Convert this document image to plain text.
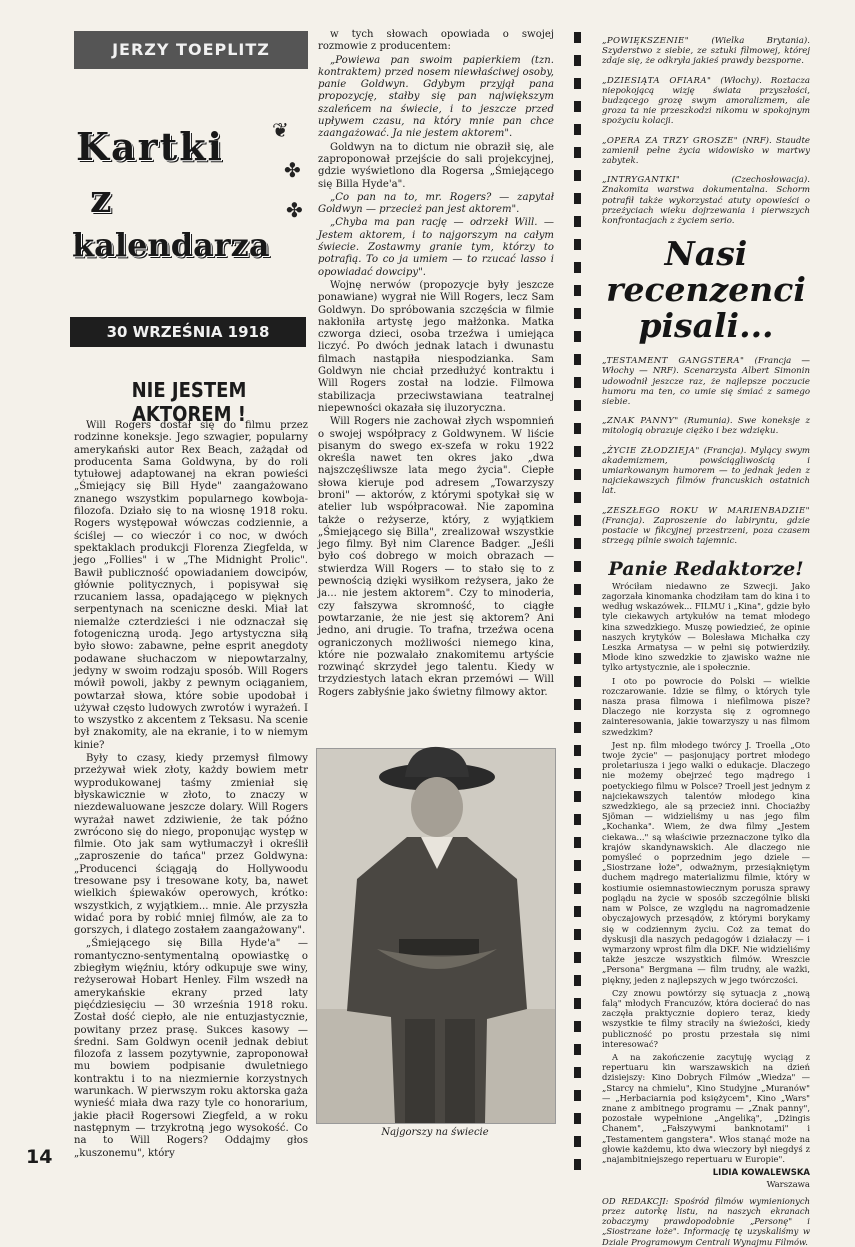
JERZY TOEPLITZ
❦
✤
✤
Kartki
z
kalendarza
30 WRZEŚNIA 1918
NIE JESTEM AKTOREM !

Will Rogers dostał się do filmu przez rodzinne koneksje. Jego szwagier, popularny amerykański autor Rex Beach, zażądał od producenta Sama Goldwyna, by do roli tytułowej adaptowanej na ekran powieści „Śmiejący się Bill Hyde" zaangażowano znanego wszystkim popularnego kowboja-filozofa. Działo się to na wiosnę 1918 roku. Rogers występował wówczas codziennie, a ściślej — co wieczór i co noc, w dwóch spektaklach produkcji Florenza Ziegfelda, w jego „Follies" i w „The Midnight Prolic". Bawił publiczność opowiadaniem dowcipów, głównie politycznych, i popisywał się rzucaniem lassa, opadającego w pięknych serpentynach na sceniczne deski. Miał lat niemalże czterdzieści i nie odznaczał się fotogeniczną urodą. Jego artystyczna siłą było słowo: zabawne, pełne esprit anegdoty podawane słuchaczom w niepowtarzalny, jedyny w swoim rodzaju sposób. Will Rogers mówił powoli, jakby z pewnym ociąganiem, powtarzał słowa, które sobie upodobał i używał często ludowych zwrotów i wyrażeń. I to wszystko z akcentem z Teksasu. Na scenie był znakomity, ale na ekranie, i to w niemym kinie?

Były to czasy, kiedy przemysł filmowy przeżywał wiek złoty, każdy bowiem metr wyprodukowanej taśmy zmieniał się błyskawicznie w złoto, to znaczy w niezdewaluowane jeszcze dolary. Will Rogers wyrażał nawet zdziwienie, że tak późno zwrócono się do niego, proponując występ w filmie. Oto jak sam wytłumaczył i określił „zaproszenie do tańca" przez Goldwyna: „Producenci ściągają do Hollywoodu tresowane psy i tresowane koty, ba, nawet wielkich śpiewaków operowych, krótko: wszystkich, z wyjątkiem... mnie. Ale przyszła widać pora by robić mniej filmów, ale za to gorszych, i dlatego zostałem zaangażowany".

„Śmiejącego się Billa Hyde'a" — romantyczno-sentymentalną opowiastkę o zbiegłym więźniu, który odkupuje swe winy, reżyserował Hobart Henley. Film wszedł na amerykańskie ekrany przed laty pięćdziesięciu — 30 września 1918 roku. Został dość ciepło, ale nie entuzjastycznie, powitany przez prasę. Sukces kasowy — średni. Sam Goldwyn ocenił jednak debiut filozofa z lassem pozytywnie, zaproponował mu bowiem podpisanie dwuletniego kontraktu i to na niezmiernie korzystnych warunkach. W pierwszym roku aktorska gaża wynieść miała dwa razy tyle co honorarium, jakie płacił Rogersowi Ziegfeld, a w roku następnym — trzykrotną jego wysokość. Co na to Will Rogers? Oddajmy głos „kuszonemu", który

w tych słowach opowiada o swojej rozmowie z producentem:

„Powiewa pan swoim papierkiem (tzn. kontraktem) przed nosem niewłaściwej osoby, panie Goldwyn. Gdybym przyjął pana propozycję, stałby się pan największym szaleńcem na świecie, i to jeszcze przed upływem czasu, na który mnie pan chce zaangażować. Ja nie jestem aktorem".

Goldwyn na to dictum nie obraził się, ale zaproponował przejście do sali projekcyjnej, gdzie wyświetlono dla Rogersa „Śmiejącego się Billa Hyde'a".

„Co pan na to, mr. Rogers? — zapytał Goldwyn — przecież pan jest aktorem".

„Chyba ma pan rację — odrzekł Will. — Jestem aktorem, i to najgorszym na całym świecie. Zostawmy granie tym, którzy to potrafią. To co ja umiem — to rzucać lasso i opowiadać dowcipy".

Wojnę nerwów (propozycje były jeszcze ponawiane) wygrał nie Will Rogers, lecz Sam Goldwyn. Do spróbowania szczęścia w filmie nakłoniła artystę jego małżonka. Matka czworga dzieci, osoba trzeźwa i umiejąca liczyć. Po dwóch jednak latach i dwunastu filmach nastąpiła niespodzianka. Sam Goldwyn nie chciał przedłużyć kontraktu i Will Rogers został na lodzie. Filmowa stabilizacja przeciwstawiana teatralnej niepewności okazała się iluzoryczna.

Will Rogers nie zachował złych wspomnień o swojej współpracy z Goldwynem. W liście pisanym do swego ex-szefa w roku 1922 określa nawet ten okres jako „dwa najszczęśliwsze lata mego życia". Ciepłe słowa kieruje pod adresem „Towarzyszy broni" — aktorów, z którymi spotykał się w atelier lub współpracował. Nie zapomina także o reżyserze, który, z wyjątkiem „Śmiejącego się Billa", zrealizował wszystkie jego filmy. Był nim Clarence Badger. „Jeśli było coś dobrego w moich obrazach — stwierdza Will Rogers — to stało się to z pewnością dzięki wysiłkom reżysera, jako że ja... nie jestem aktorem". Czy to minoderia, czy fałszywa skromność, to ciągłe powtarzanie, że nie jest się aktorem? Ani jedno, ani drugie. To trafna, trzeźwa ocena ograniczonych możliwości niemego kina, które nie pozwalało znakomitemu artyście rozwinąć skrzydeł jego talentu. Kiedy w trzydziestych latach ekran przemówi — Will Rogers zabłyśnie jako świetny filmowy aktor.

Najgorszy na świecie
„POWIĘKSZENIE"	(Wielka Brytania). Szyderstwo z siebie, ze sztuki filmowej, której zdaje się, że odkryła jakieś prawdy bezsporne.
„DZIESIĄTA OFIARA" (Włochy). Roztacza niepokojącą wizję świata przyszłości, budzącego grozę swym amoralizmem, ale groza ta nie przeszkodzi nikomu w spokojnym spożyciu kolacji.
„OPERA ZA TRZY GROSZE" (NRF). Staudte zamienił pełne życia widowisko w martwy zabytek.
„INTRYGANTKI"	(Czechosłowacja). Znakomita warstwa dokumentalna. Schorm potrafił także wykorzystać atuty opowieści o przeżyciach wieku dojrzewania i pierwszych konfrontacjach z życiem serio.
Nasi
recenzenci
pisali...
„TESTAMENT GANGSTERA" (Francja — Włochy — NRF). Scenarzysta Albert Simonin udowodnił jeszcze raz, że najlepsze poczucie humoru ma ten, co umie się śmiać z samego siebie.
„ZNAK PANNY" (Rumunia). Swe koneksje z mitologią obrazuje ciężko i bez wdzięku.
„ŻYCIE ZŁODZIEJA" (Francja). Mylący swym akademizmem, powściągliwością i umiarkowanym humorem — to jednak jeden z najciekawszych filmów francuskich ostatnich lat.
„ZESZŁEGO ROKU W MARIENBADZIE" (Francja). Zaproszenie do labiryntu, gdzie postacie w fikcyjnej przestrzeni, poza czasem strzegą pilnie swoich tajemnic.
Panie Redaktorze!

Wróciłam niedawno ze Szwecji. Jako zagorzała kinomanka chodziłam tam do kina i to według wskazówek... FILMU i „Kina", gdzie było tyle ciekawych artykułów na temat młodego kina szwedzkiego. Muszę powiedzieć, że opinie naszych krytyków — Bolesława Michałka czy Leszka Armatysa — w pełni się potwierdziły. Młode kino szwedzkie to zjawisko ważne nie tylko artystycznie, ale i społecznie.

I oto po powrocie do Polski — wielkie rozczarowanie. Idzie se filmy, o których tyle nasza prasa filmowa i niefilmowa pisze? Dlaczego nie korzysta się z ogromnego zainteresowania, jakie towarzyszy u nas filmom szwedzkim?

Jest np. film młodego twórcy J. Troella „Oto twoje życie" — pasjonujący portret młodego proletariusza i jego walki o edukacje. Dlaczego nie możemy obejrzeć tego mądrego i poetyckiego filmu w Polsce? Troell jest jednym z najciekawszych talentów młodego kina szwedzkiego, ale są przecież inni. Chociażby Sjöman — widzieliśmy u nas jego film „Kochanka". Wiem, że dwa filmy „Jestem ciekawa..." są właściwie przeznaczone tylko dla krajów skandynawskich. Ale dlaczego nie pomyśleć o poprzednim jego dziele — „Siostrzane łoże", odważnym, przesiąkniętym duchem mądrego materializmu filmie, który w kostiumie osiemnastowiecznym porusza sprawy poglądu na życie w sposób szczególnie bliski nam w Polsce, ze względu na nagromadzenie obyczajowych przesądów, z którymi borykamy się w codziennym życiu. Coż za temat do dyskusji dla naszych pedagogów i działaczy — i wymarzony wprost film dla DKF. Nie widzieliśmy także jeszcze wszystkich filmów. Wreszcie „Persona" Bergmana — film trudny, ale ważki, piękny, jeden z najlepszych w jego twórczości.

Czy znowu powtórzy się sytuacja z „nową falą" młodych Francuzów, która docierać do nas zaczęła praktycznie dopiero teraz, kiedy wszystkie te filmy straciły na świeżości, kiedy publiczność po prostu przestała się nimi interesować?

A na zakończenie zacytuję wyciąg z repertuaru kin warszawskich na dzień dzisiejszy: Kino Dobrych Filmów „Wiedza" — „Starcy na chmielu", Kino Studyjne „Muranów" — „Herbaciarnia pod księżycem", Kino „Wars" znane z ambitnego programu — „Znak panny", pozostałe wypełnione „Angeliką", „Dżingis Chanem", „Fałszywymi banknotami" i „Testamentem gangstera". Włos stanąć może na głowie każdemu, kto dwa wieczory był niegdyś z „najambitniejszego repertuaru w Europie".

LIDIA KOWALEWSKA
Warszawa
OD REDAKCJI: Spośród filmów wymienionych przez autorkę listu, na naszych ekranach zobaczymy prawdopodobnie „Personę" i „Siostrzane łoże". Informację tę uzyskaliśmy w Dziale Programowym Centrali Wynajmu Filmów.
14
